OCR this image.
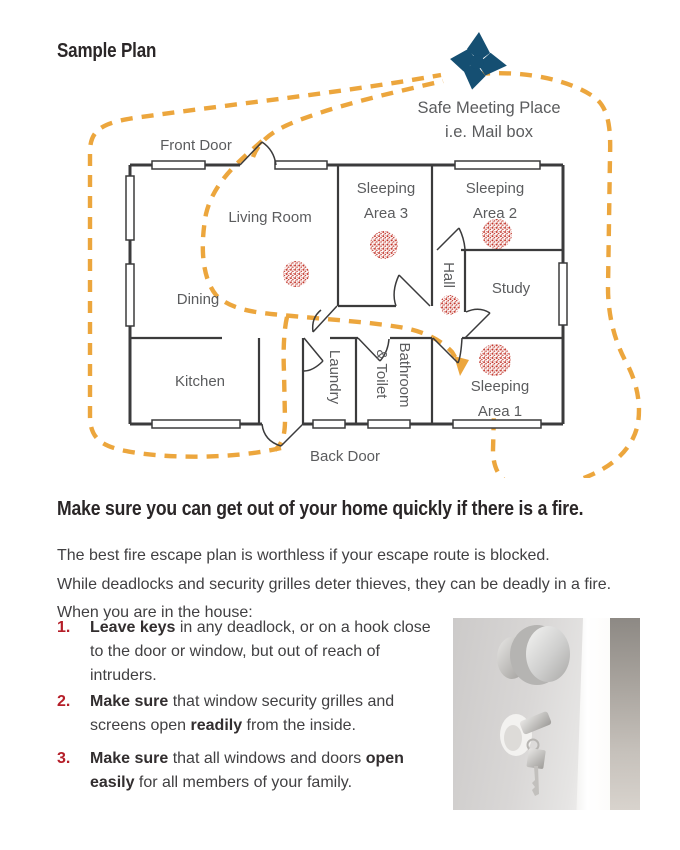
Sample Plan
Safe Meeting Place
i.e. Mail box
Front Door
Back Door
Living Room
Dining
Kitchen
Sleeping
Area 3
Sleeping
Area 2
Study
Sleeping
Area 1
Hall
Laundry	Bathroom
& Toilet
Make sure you can get out of your home quickly if there is a fire.
The best fire escape plan is worthless if your escape route is blocked.
While deadlocks and security grilles deter thieves, they can be deadly in a fire.
When you are in the house:
1.	Leave keys in any deadlock, or on a hook close to the door or window, but out of reach of intruders.
2.	Make sure that window security grilles and screens open readily from the inside.
3.	Make sure that all windows and doors open easily for all members of your family.
